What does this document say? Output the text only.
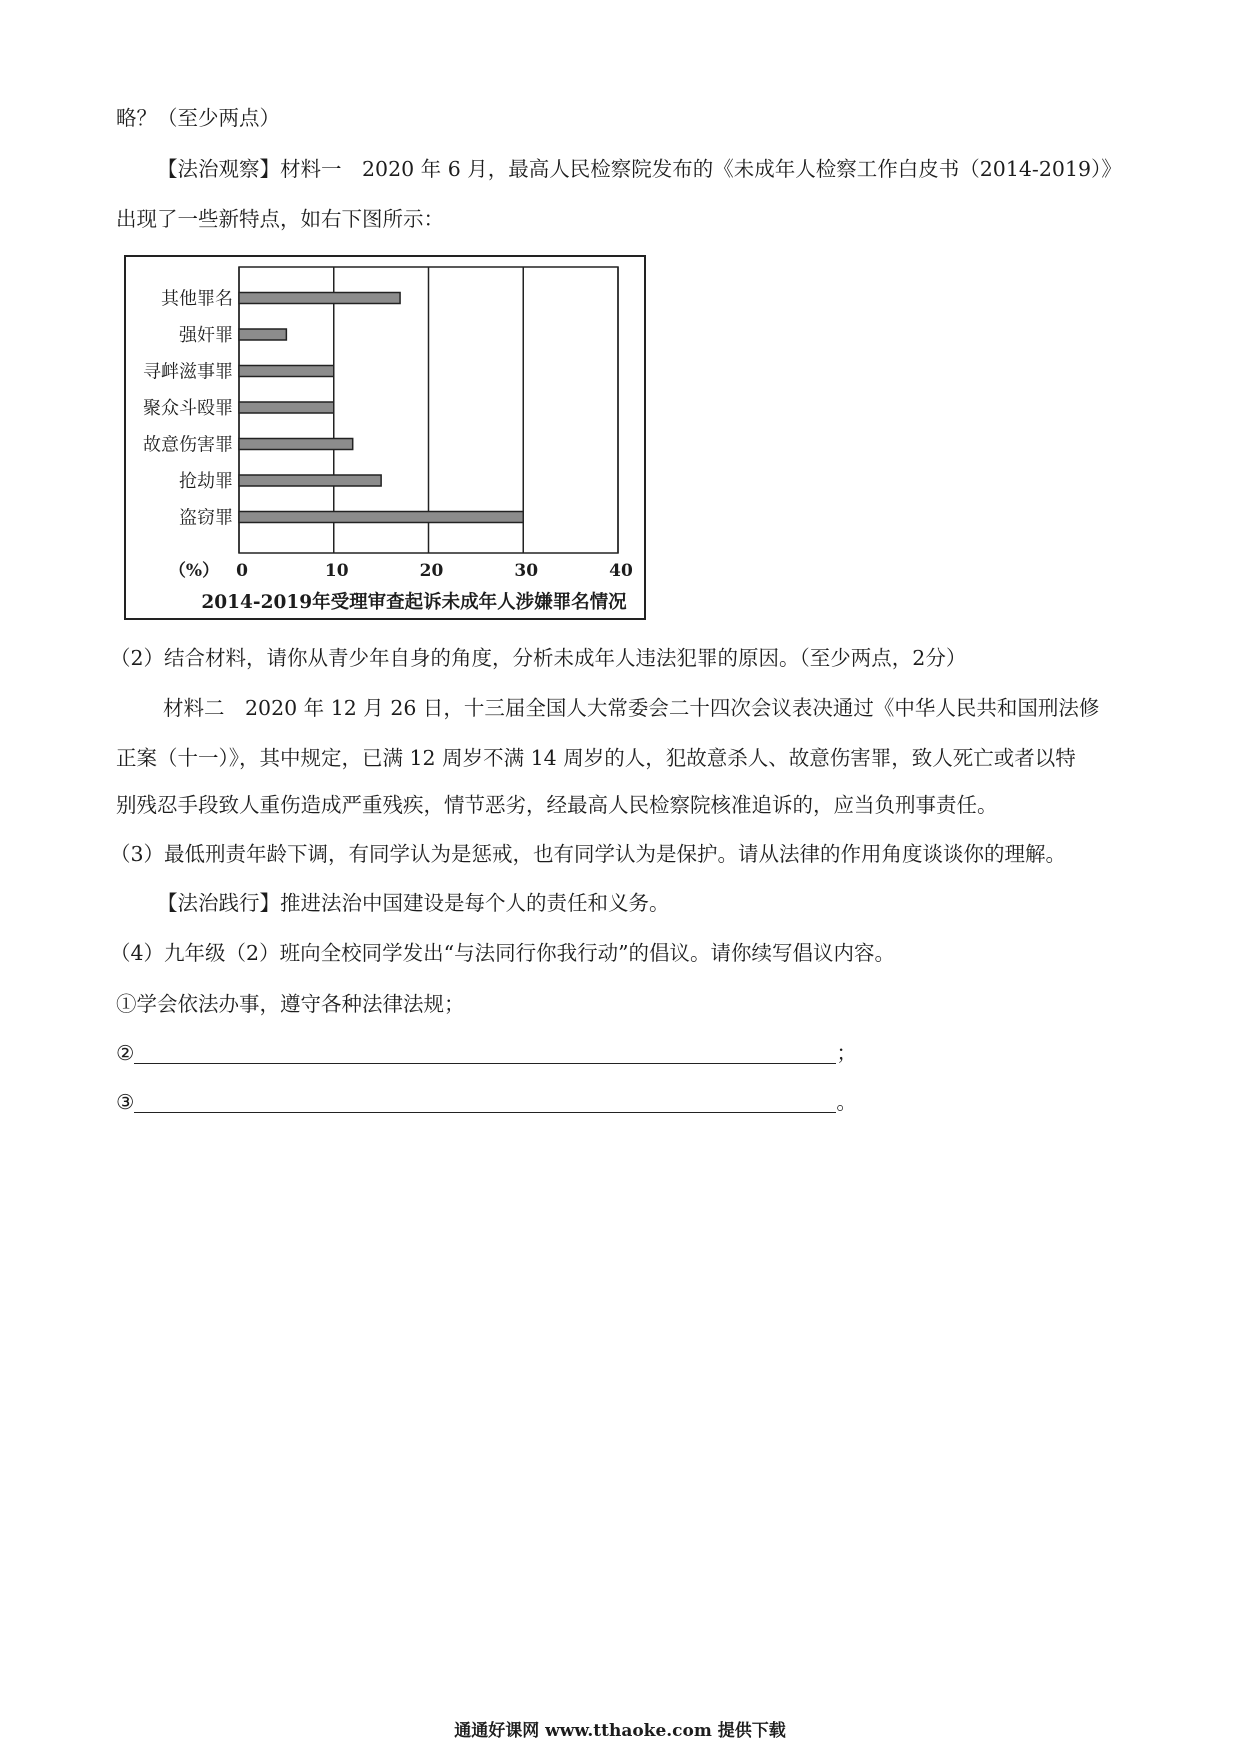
略？（至少两点）
【法治观察】材料一　2020 年 6 月，最高人民检察院发布的《未成年人检察工作白皮书（2014-2019）》
出现了一些新特点，如右下图所示：
0	10	20	30	40
其他罪名
强奸罪
寻衅滋事罪
聚众斗殴罪
故意伤害罪
抢劫罪
盗窃罪
（%）
2014-2019年受理审查起诉未成年人涉嫌罪名情况
（2）结合材料，请你从青少年自身的角度，分析未成年人违法犯罪的原因。（至少两点，2分）
材料二　2020 年 12 月 26 日，十三届全国人大常委会二十四次会议表决通过《中华人民共和国刑法修
正案（十一）》，其中规定，已满 12 周岁不满 14 周岁的人，犯故意杀人、故意伤害罪，致人死亡或者以特
别残忍手段致人重伤造成严重残疾，情节恶劣，经最高人民检察院核准追诉的，应当负刑事责任。
（3）最低刑责年龄下调，有同学认为是惩戒，也有同学认为是保护。请从法律的作用角度谈谈你的理解。
【法治践行】推进法治中国建设是每个人的责任和义务。
（4）九年级（2）班向全校同学发出“与法同行你我行动”的倡议。请你续写倡议内容。
①学会依法办事，遵守各种法律法规；
②	；
③	。
通通好课网 www.tthaoke.com 提供下载
